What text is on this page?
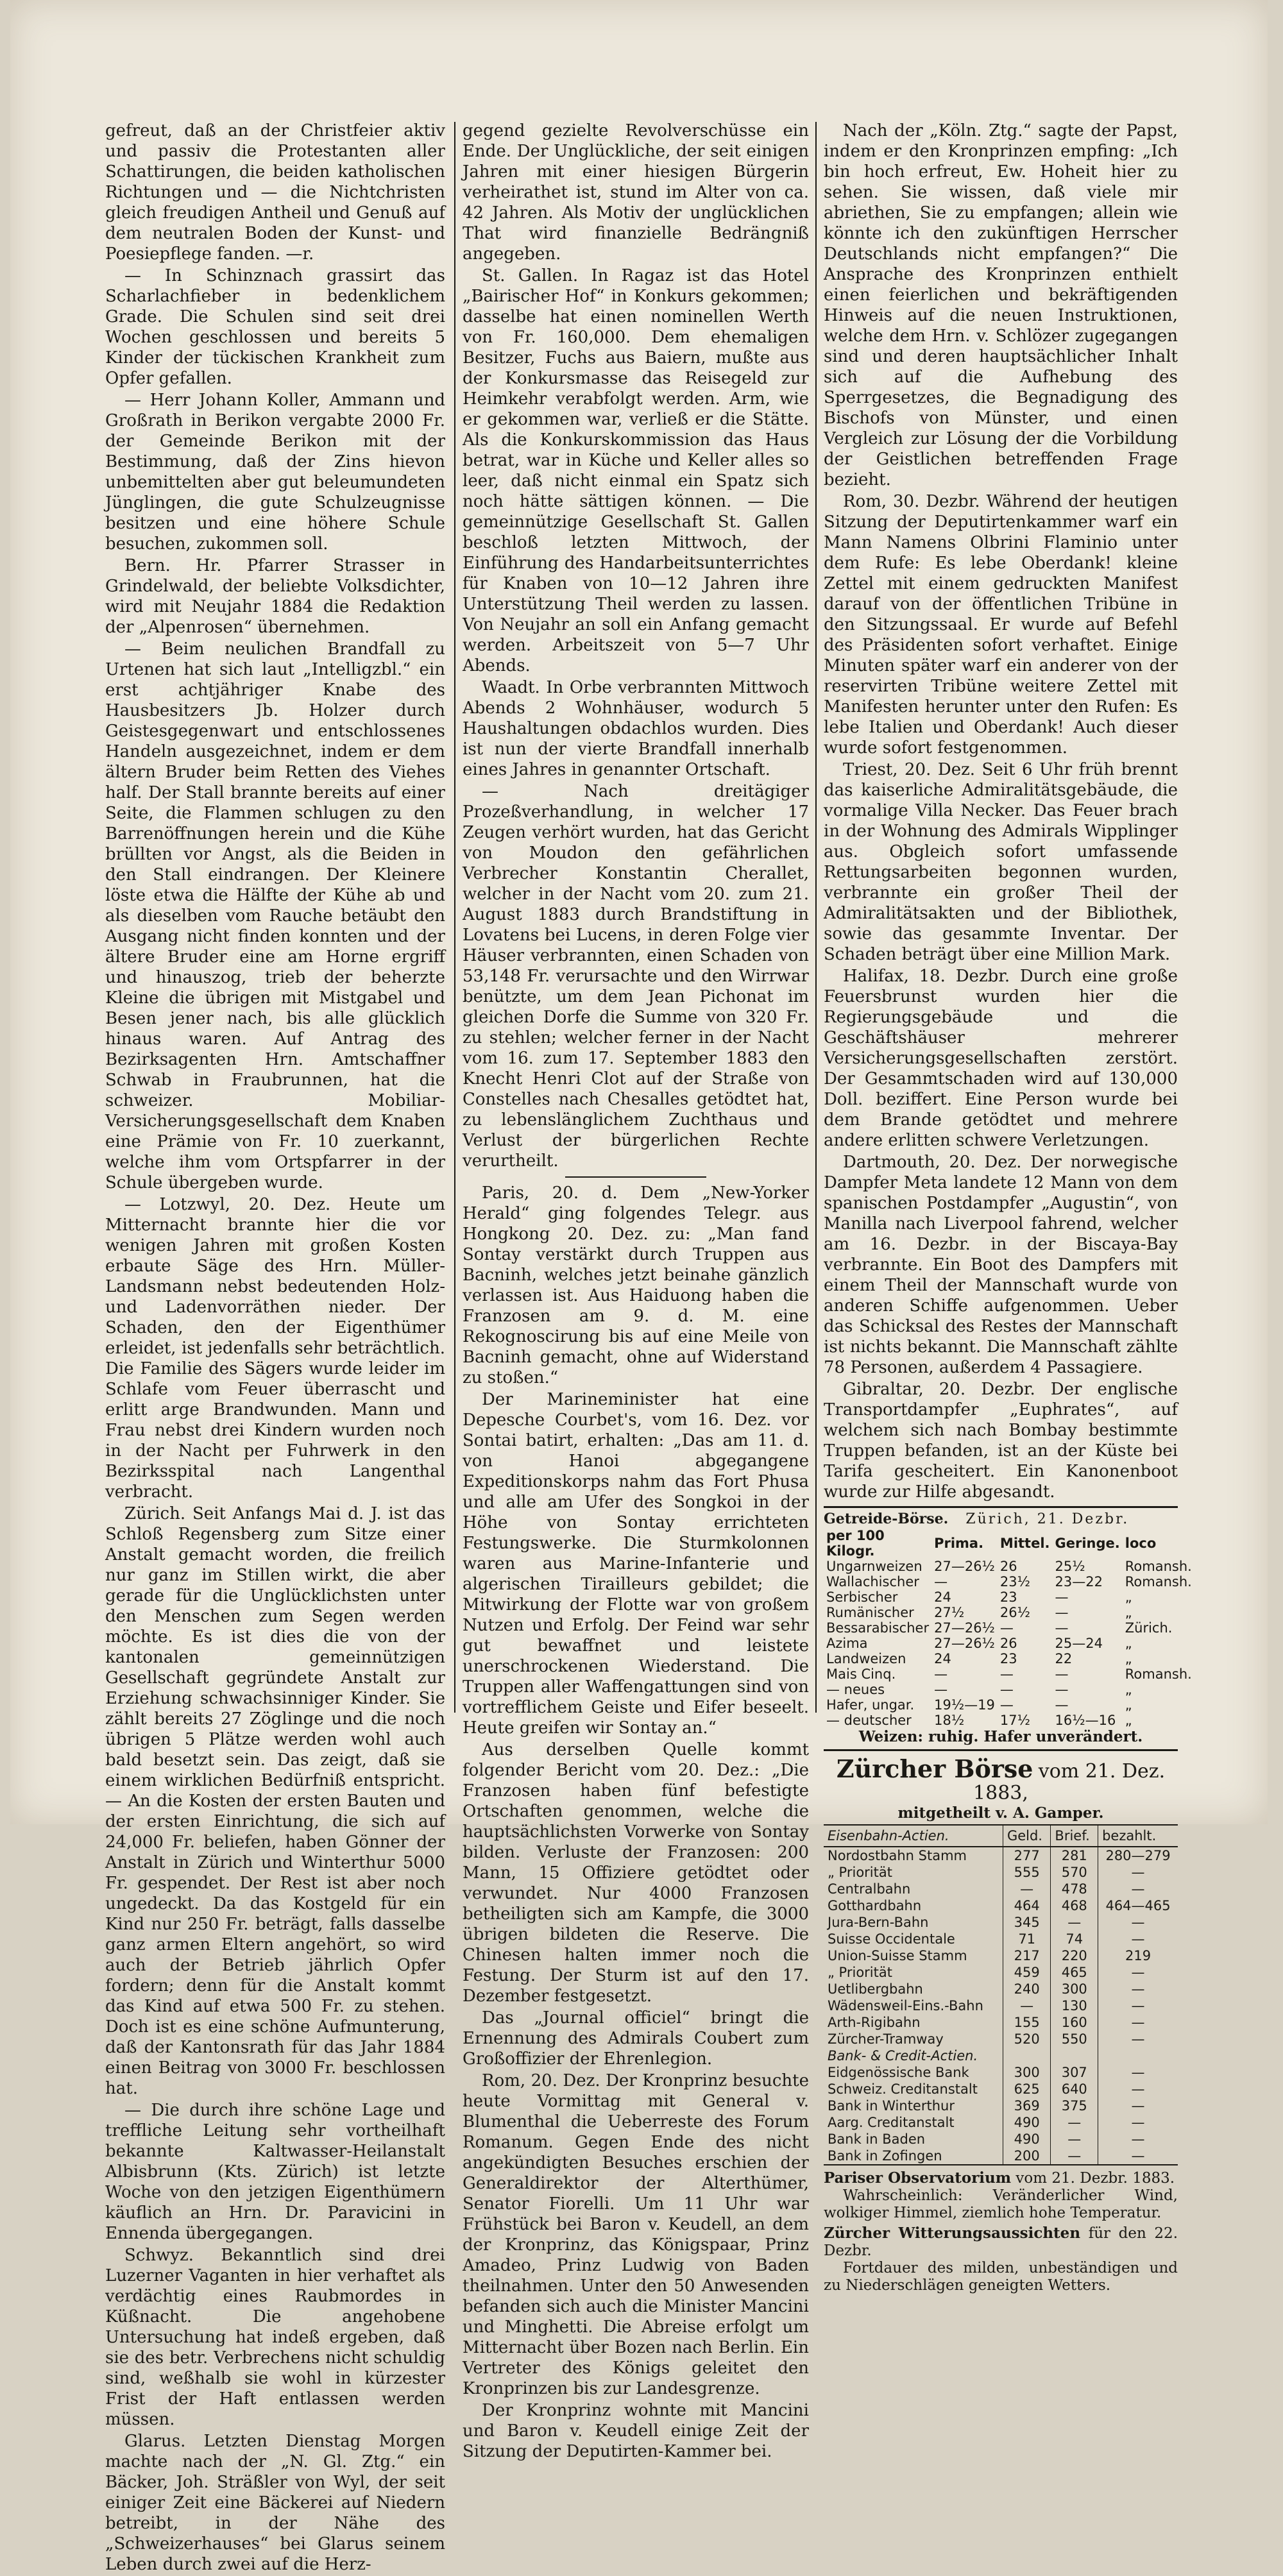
gefreut, daß an der Christfeier aktiv und passiv die Protestanten aller Schattirungen, die beiden katholischen Richtungen und — die Nichtchristen gleich freudigen Antheil und Genuß auf dem neutralen Boden der Kunst- und Poesiepflege fanden. —r.

— In Schinznach grassirt das Scharlachfieber in bedenklichem Grade. Die Schulen sind seit drei Wochen geschlossen und bereits 5 Kinder der tückischen Krankheit zum Opfer gefallen.

— Herr Johann Koller, Ammann und Großrath in Berikon vergabte 2000 Fr. der Gemeinde Berikon mit der Bestimmung, daß der Zins hievon unbemittelten aber gut beleumundeten Jünglingen, die gute Schulzeugnisse besitzen und eine höhere Schule besuchen, zukommen soll.

Bern. Hr. Pfarrer Strasser in Grindelwald, der beliebte Volksdichter, wird mit Neujahr 1884 die Redaktion der „Alpenrosen“ übernehmen.

— Beim neulichen Brandfall zu Urtenen hat sich laut „Intelligzbl.“ ein erst achtjähriger Knabe des Hausbesitzers Jb. Holzer durch Geistesgegenwart und entschlossenes Handeln ausgezeichnet, indem er dem ältern Bruder beim Retten des Viehes half. Der Stall brannte bereits auf einer Seite, die Flammen schlugen zu den Barrenöffnungen herein und die Kühe brüllten vor Angst, als die Beiden in den Stall eindrangen. Der Kleinere löste etwa die Hälfte der Kühe ab und als dieselben vom Rauche betäubt den Ausgang nicht finden konnten und der ältere Bruder eine am Horne ergriff und hinauszog, trieb der beherzte Kleine die übrigen mit Mistgabel und Besen jener nach, bis alle glücklich hinaus waren. Auf Antrag des Bezirksagenten Hrn. Amtschaffner Schwab in Fraubrunnen, hat die schweizer. Mobiliar-Versicherungsgesellschaft dem Knaben eine Prämie von Fr. 10 zuerkannt, welche ihm vom Ortspfarrer in der Schule übergeben wurde.

— Lotzwyl, 20. Dez. Heute um Mitternacht brannte hier die vor wenigen Jahren mit großen Kosten erbaute Säge des Hrn. Müller-Landsmann nebst bedeutenden Holz- und Ladenvorräthen nieder. Der Schaden, den der Eigenthümer erleidet, ist jedenfalls sehr beträchtlich. Die Familie des Sägers wurde leider im Schlafe vom Feuer überrascht und erlitt arge Brandwunden. Mann und Frau nebst drei Kindern wurden noch in der Nacht per Fuhrwerk in den Bezirksspital nach Langenthal verbracht.

Zürich. Seit Anfangs Mai d. J. ist das Schloß Regensberg zum Sitze einer Anstalt gemacht worden, die freilich nur ganz im Stillen wirkt, die aber gerade für die Unglücklichsten unter den Menschen zum Segen werden möchte. Es ist dies die von der kantonalen gemeinnützigen Gesellschaft gegründete Anstalt zur Erziehung schwachsinniger Kinder. Sie zählt bereits 27 Zöglinge und die noch übrigen 5 Plätze werden wohl auch bald besetzt sein. Das zeigt, daß sie einem wirklichen Bedürfniß entspricht. — An die Kosten der ersten Bauten und der ersten Einrichtung, die sich auf 24,000 Fr. beliefen, haben Gönner der Anstalt in Zürich und Winterthur 5000 Fr. gespendet. Der Rest ist aber noch ungedeckt. Da das Kostgeld für ein Kind nur 250 Fr. beträgt, falls dasselbe ganz armen Eltern angehört, so wird auch der Betrieb jährlich Opfer fordern; denn für die Anstalt kommt das Kind auf etwa 500 Fr. zu stehen. Doch ist es eine schöne Aufmunterung, daß der Kantonsrath für das Jahr 1884 einen Beitrag von 3000 Fr. beschlossen hat.

— Die durch ihre schöne Lage und treffliche Leitung sehr vortheilhaft bekannte Kaltwasser-Heilanstalt Albisbrunn (Kts. Zürich) ist letzte Woche von den jetzigen Eigenthümern käuflich an Hrn. Dr. Paravicini in Ennenda übergegangen.

Schwyz. Bekanntlich sind drei Luzerner Vaganten in hier verhaftet als verdächtig eines Raubmordes in Küßnacht. Die angehobene Untersuchung hat indeß ergeben, daß sie des betr. Verbrechens nicht schuldig sind, weßhalb sie wohl in kürzester Frist der Haft entlassen werden müssen.

Glarus. Letzten Dienstag Morgen machte nach der „N. Gl. Ztg.“ ein Bäcker, Joh. Sträßler von Wyl, der seit einiger Zeit eine Bäckerei auf Niedern betreibt, in der Nähe des „Schweizerhauses“ bei Glarus seinem Leben durch zwei auf die Herz-

gegend gezielte Revolverschüsse ein Ende. Der Unglückliche, der seit einigen Jahren mit einer hiesigen Bürgerin verheirathet ist, stund im Alter von ca. 42 Jahren. Als Motiv der unglücklichen That wird finanzielle Bedrängniß angegeben.

St. Gallen. In Ragaz ist das Hotel „Bairischer Hof“ in Konkurs gekommen; dasselbe hat einen nominellen Werth von Fr. 160,000. Dem ehemaligen Besitzer, Fuchs aus Baiern, mußte aus der Konkursmasse das Reisegeld zur Heimkehr verabfolgt werden. Arm, wie er gekommen war, verließ er die Stätte. Als die Konkurskommission das Haus betrat, war in Küche und Keller alles so leer, daß nicht einmal ein Spatz sich noch hätte sättigen können. — Die gemeinnützige Gesellschaft St. Gallen beschloß letzten Mittwoch, der Einführung des Handarbeitsunterrichtes für Knaben von 10—12 Jahren ihre Unterstützung Theil werden zu lassen. Von Neujahr an soll ein Anfang gemacht werden. Arbeitszeit von 5—7 Uhr Abends.

Waadt. In Orbe verbrannten Mittwoch Abends 2 Wohnhäuser, wodurch 5 Haushaltungen obdachlos wurden. Dies ist nun der vierte Brandfall innerhalb eines Jahres in genannter Ortschaft.

— Nach dreitägiger Prozeßverhandlung, in welcher 17 Zeugen verhört wurden, hat das Gericht von Moudon den gefährlichen Verbrecher Konstantin Cherallet, welcher in der Nacht vom 20. zum 21. August 1883 durch Brandstiftung in Lovatens bei Lucens, in deren Folge vier Häuser verbrannten, einen Schaden von 53,148 Fr. verursachte und den Wirrwar benützte, um dem Jean Pichonat im gleichen Dorfe die Summe von 320 Fr. zu stehlen; welcher ferner in der Nacht vom 16. zum 17. September 1883 den Knecht Henri Clot auf der Straße von Constelles nach Chesalles getödtet hat, zu lebenslänglichem Zuchthaus und Verlust der bürgerlichen Rechte verurtheilt.

Paris, 20. d. Dem „New-Yorker Herald“ ging folgendes Telegr. aus Hongkong 20. Dez. zu: „Man fand Sontay verstärkt durch Truppen aus Bacninh, welches jetzt beinahe gänzlich verlassen ist. Aus Haiduong haben die Franzosen am 9. d. M. eine Rekognoscirung bis auf eine Meile von Bacninh gemacht, ohne auf Widerstand zu stoßen.“

Der Marineminister hat eine Depesche Courbet's, vom 16. Dez. vor Sontai batirt, erhalten: „Das am 11. d. von Hanoi abgegangene Expeditionskorps nahm das Fort Phusa und alle am Ufer des Songkoi in der Höhe von Sontay errichteten Festungswerke. Die Sturmkolonnen waren aus Marine-Infanterie und algerischen Tirailleurs gebildet; die Mitwirkung der Flotte war von großem Nutzen und Erfolg. Der Feind war sehr gut bewaffnet und leistete unerschrockenen Wiederstand. Die Truppen aller Waffengattungen sind von vortrefflichem Geiste und Eifer beseelt. Heute greifen wir Sontay an.“

Aus derselben Quelle kommt folgender Bericht vom 20. Dez.: „Die Franzosen haben fünf befestigte Ortschaften genommen, welche die hauptsächlichsten Vorwerke von Sontay bilden. Verluste der Franzosen: 200 Mann, 15 Offiziere getödtet oder verwundet. Nur 4000 Franzosen betheiligten sich am Kampfe, die 3000 übrigen bildeten die Reserve. Die Chinesen halten immer noch die Festung. Der Sturm ist auf den 17. Dezember festgesetzt.

Das „Journal officiel“ bringt die Ernennung des Admirals Coubert zum Großoffizier der Ehrenlegion.

Rom, 20. Dez. Der Kronprinz besuchte heute Vormittag mit General v. Blumenthal die Ueberreste des Forum Romanum. Gegen Ende des nicht angekündigten Besuches erschien der Generaldirektor der Alterthümer, Senator Fiorelli. Um 11 Uhr war Frühstück bei Baron v. Keudell, an dem der Kronprinz, das Königspaar, Prinz Amadeo, Prinz Ludwig von Baden theilnahmen. Unter den 50 Anwesenden befanden sich auch die Minister Mancini und Minghetti. Die Abreise erfolgt um Mitternacht über Bozen nach Berlin. Ein Vertreter des Königs geleitet den Kronprinzen bis zur Landesgrenze.

Der Kronprinz wohnte mit Mancini und Baron v. Keudell einige Zeit der Sitzung der Deputirten-Kammer bei.

Nach der „Köln. Ztg.“ sagte der Papst, indem er den Kronprinzen empfing: „Ich bin hoch erfreut, Ew. Hoheit hier zu sehen. Sie wissen, daß viele mir abriethen, Sie zu empfangen; allein wie könnte ich den zukünftigen Herrscher Deutschlands nicht empfangen?“ Die Ansprache des Kronprinzen enthielt einen feierlichen und bekräftigenden Hinweis auf die neuen Instruktionen, welche dem Hrn. v. Schlözer zugegangen sind und deren hauptsächlicher Inhalt sich auf die Aufhebung des Sperrgesetzes, die Begnadigung des Bischofs von Münster, und einen Vergleich zur Lösung der die Vorbildung der Geistlichen betreffenden Frage bezieht.

Rom, 30. Dezbr. Während der heutigen Sitzung der Deputirtenkammer warf ein Mann Namens Olbrini Flaminio unter dem Rufe: Es lebe Oberdank! kleine Zettel mit einem gedruckten Manifest darauf von der öffentlichen Tribüne in den Sitzungssaal. Er wurde auf Befehl des Präsidenten sofort verhaftet. Einige Minuten später warf ein anderer von der reservirten Tribüne weitere Zettel mit Manifesten herunter unter den Rufen: Es lebe Italien und Oberdank! Auch dieser wurde sofort festgenommen.

Triest, 20. Dez. Seit 6 Uhr früh brennt das kaiserliche Admiralitätsgebäude, die vormalige Villa Necker. Das Feuer brach in der Wohnung des Admirals Wipplinger aus. Obgleich sofort umfassende Rettungsarbeiten begonnen wurden, verbrannte ein großer Theil der Admiralitätsakten und der Bibliothek, sowie das gesammte Inventar. Der Schaden beträgt über eine Million Mark.

Halifax, 18. Dezbr. Durch eine große Feuersbrunst wurden hier die Regierungsgebäude und die Geschäftshäuser mehrerer Versicherungsgesellschaften zerstört. Der Gesammtschaden wird auf 130,000 Doll. beziffert. Eine Person wurde bei dem Brande getödtet und mehrere andere erlitten schwere Verletzungen.

Dartmouth, 20. Dez. Der norwegische Dampfer Meta landete 12 Mann von dem spanischen Postdampfer „Augustin“, von Manilla nach Liverpool fahrend, welcher am 16. Dezbr. in der Biscaya-Bay verbrannte. Ein Boot des Dampfers mit einem Theil der Mannschaft wurde von anderen Schiffe aufgenommen. Ueber das Schicksal des Restes der Mannschaft ist nichts bekannt. Die Mannschaft zählte 78 Personen, außerdem 4 Passagiere.

Gibraltar, 20. Dezbr. Der englische Transportdampfer „Euphrates“, auf welchem sich nach Bombay bestimmte Truppen befanden, ist an der Küste bei Tarifa gescheitert. Ein Kanonenboot wurde zur Hilfe abgesandt.

Getreide-Börse. Zürich, 21. Dezbr.
per 100 Kilogr.	Prima.	Mittel.	Geringe.	loco
Ungarnweizen	27—26½	26	25½	Romansh.
Wallachischer	—	23½	23—22	Romansh.
Serbischer	24	23	—	„
Rumänischer	27½	26½	—	„
Bessarabischer	27—26½	—	—	Zürich.
Azima	27—26½	26	25—24	„
Landweizen	24	23	22	„
Mais Cinq.	—	—	—	Romansh.
— neues	—	—	—	„
Hafer, ungar.	19½—19	—	—	„
— deutscher	18½	17½	16½—16	„
Weizen: ruhig. Hafer unverändert.
Zürcher Börse vom 21. Dez. 1883,
mitgetheilt v. A. Gamper.
Eisenbahn-Actien.	Geld.	Brief.	bezahlt.
Nordostbahn Stamm	277	281	280—279
„ Priorität	555	570	—
Centralbahn	—	478	—
Gotthardbahn	464	468	464—465
Jura-Bern-Bahn	345	—	—
Suisse Occidentale	71	74	—
Union-Suisse Stamm	217	220	219
„ Priorität	459	465	—
Uetlibergbahn	240	300	—
Wädensweil-Eins.-Bahn	—	130	—
Arth-Rigibahn	155	160	—
Zürcher-Tramway	520	550	—
Bank- & Credit-Actien.			
Eidgenössische Bank	300	307	—
Schweiz. Creditanstalt	625	640	—
Bank in Winterthur	369	375	—
Aarg. Creditanstalt	490	—	—
Bank in Baden	490	—	—
Bank in Zofingen	200	—	—
Pariser Observatorium vom 21. Dezbr. 1883.
Wahrscheinlich: Veränderlicher Wind, wolkiger Himmel, ziemlich hohe Temperatur.
Zürcher Witterungsaussichten für den 22. Dezbr.
Fortdauer des milden, unbeständigen und zu Niederschlägen geneigten Wetters.
